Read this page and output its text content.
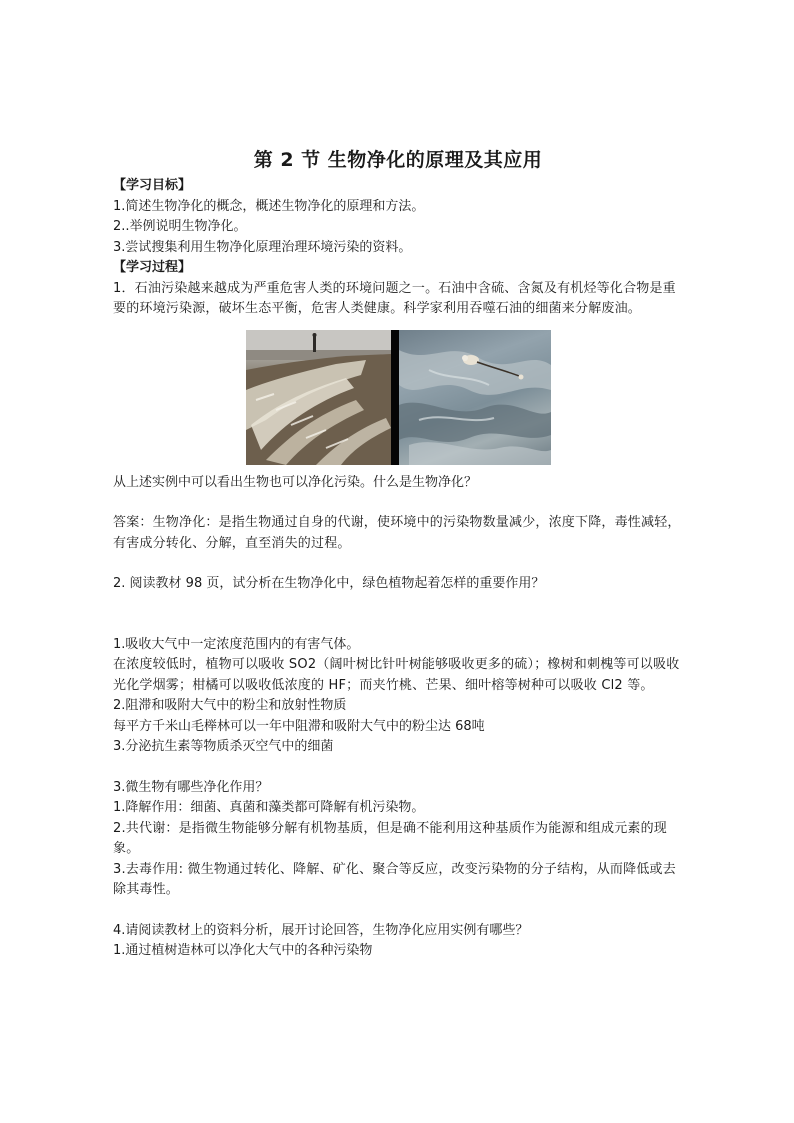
第 2 节 生物净化的原理及其应用

【学习目标】

1.简述生物净化的概念，概述生物净化的原理和方法。

2..举例说明生物净化。

3.尝试搜集利用生物净化原理治理环境污染的资料。

【学习过程】

1．石油污染越来越成为严重危害人类的环境问题之一。石油中含硫、含氮及有机烃等化合物是重要的环境污染源，破坏生态平衡，危害人类健康。科学家利用吞噬石油的细菌来分解废油。

从上述实例中可以看出生物也可以净化污染。什么是生物净化？

答案：生物净化：是指生物通过自身的代谢，使环境中的污染物数量减少，浓度下降，毒性减轻，有害成分转化、分解，直至消失的过程。

2. 阅读教材 98 页，试分析在生物净化中，绿色植物起着怎样的重要作用？

1.吸收大气中一定浓度范围内的有害气体。

在浓度较低时，植物可以吸收 SO2（阔叶树比针叶树能够吸收更多的硫）；橡树和刺槐等可以吸收光化学烟雾；柑橘可以吸收低浓度的 HF；而夹竹桃、芒果、细叶榕等树种可以吸收 Cl2 等。

2.阻滞和吸附大气中的粉尘和放射性物质

每平方千米山毛榉林可以一年中阻滞和吸附大气中的粉尘达 68吨

3.分泌抗生素等物质杀灭空气中的细菌

3.微生物有哪些净化作用？

1.降解作用：细菌、真菌和藻类都可降解有机污染物。

2.共代谢：是指微生物能够分解有机物基质，但是确不能利用这种基质作为能源和组成元素的现象。

3.去毒作用: 微生物通过转化、降解、矿化、聚合等反应，改变污染物的分子结构，从而降低或去除其毒性。

4.请阅读教材上的资料分析，展开讨论回答，生物净化应用实例有哪些？

1.通过植树造林可以净化大气中的各种污染物
